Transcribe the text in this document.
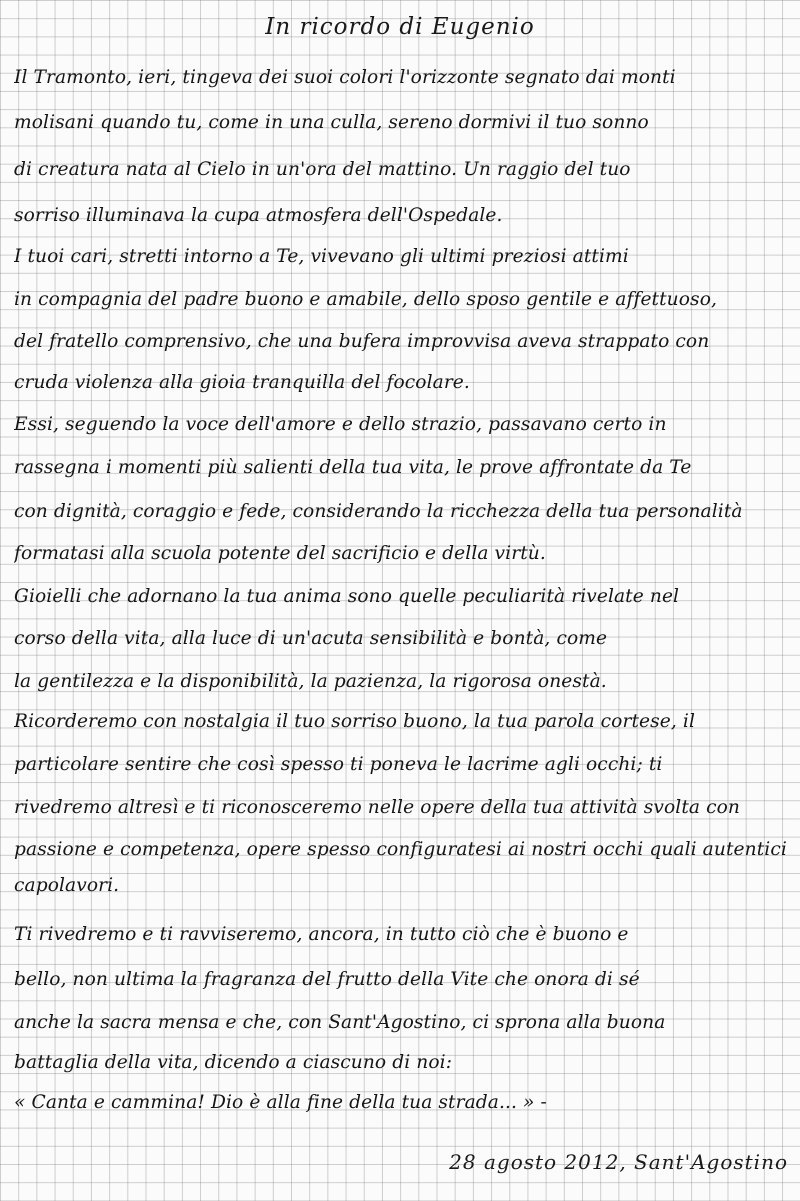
In ricordo di Eugenio
Il Tramonto, ieri, tingeva dei suoi colori l'orizzonte segnato dai monti
molisani quando tu, come in una culla, sereno dormivi il tuo sonno
di creatura nata al Cielo in un'ora del mattino. Un raggio del tuo
sorriso illuminava la cupa atmosfera dell'Ospedale.
I tuoi cari, stretti intorno a Te, vivevano gli ultimi preziosi attimi
in compagnia del padre buono e amabile, dello sposo gentile e affettuoso,
del fratello comprensivo, che una bufera improvvisa aveva strappato con
cruda violenza alla gioia tranquilla del focolare.
Essi, seguendo la voce dell'amore e dello strazio, passavano certo in
rassegna i momenti più salienti della tua vita, le prove affrontate da Te
con dignità, coraggio e fede, considerando la ricchezza della tua personalità
formatasi alla scuola potente del sacrificio e della virtù.
Gioielli che adornano la tua anima sono quelle peculiarità rivelate nel
corso della vita, alla luce di un'acuta sensibilità e bontà, come
la gentilezza e la disponibilità, la pazienza, la rigorosa onestà.
Ricorderemo con nostalgia il tuo sorriso buono, la tua parola cortese, il
particolare sentire che così spesso ti poneva le lacrime agli occhi; ti
rivedremo altresì e ti riconosceremo nelle opere della tua attività svolta con
passione e competenza, opere spesso configuratesi ai nostri occhi quali autentici
capolavori.
Ti rivedremo e ti ravviseremo, ancora, in tutto ciò che è buono e
bello, non ultima la fragranza del frutto della Vite che onora di sé
anche la sacra mensa e che, con Sant'Agostino, ci sprona alla buona
battaglia della vita, dicendo a ciascuno di noi:
« Canta e cammina! Dio è alla fine della tua strada... » -
28 agosto 2012, Sant'Agostino
